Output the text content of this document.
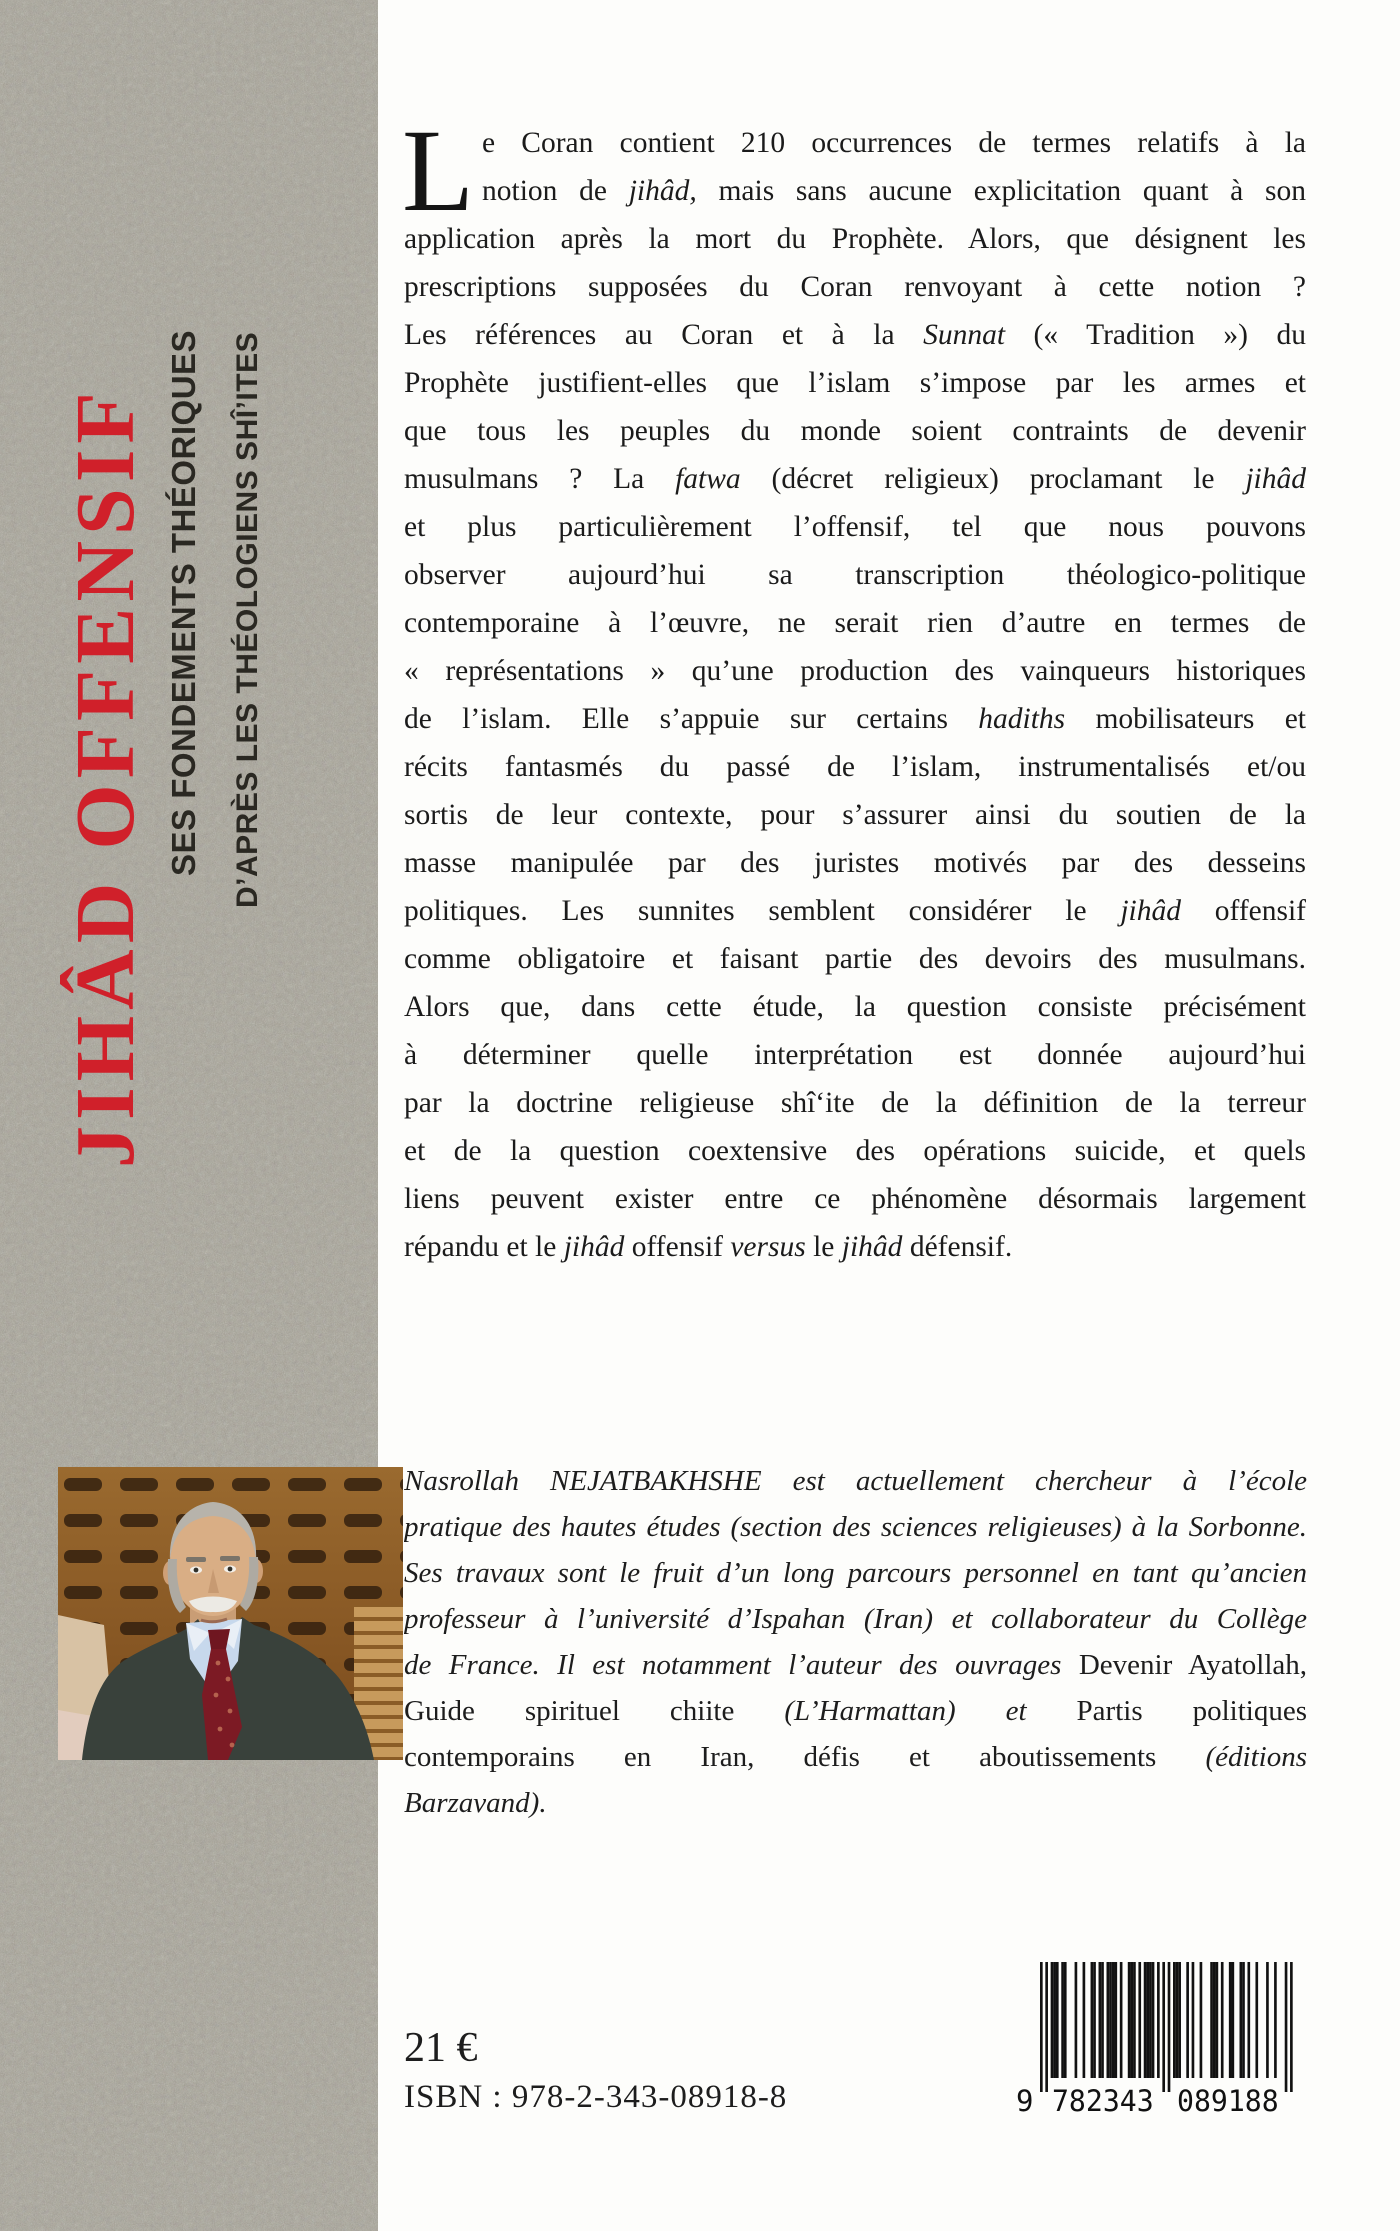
JIHÂD OFFENSIF SES FONDEMENTS THÉORIQUES D’APRÈS LES THÉOLOGIENS SHÎ’ITES
L e Coran contient 210 occurrences de termes relatifs à la
notion de jihâd, mais sans aucune explicitation quant à son
application après la mort du Prophète. Alors, que désignent les
prescriptions supposées du Coran renvoyant à cette notion ?
Les références au Coran et à la Sunnat (« Tradition ») du
Prophète justifient-elles que l’islam s’impose par les armes et
que tous les peuples du monde soient contraints de devenir
musulmans ? La fatwa (décret religieux) proclamant le jihâd
et plus particulièrement l’offensif, tel que nous pouvons
observer aujourd’hui sa transcription théologico-politique
contemporaine à l’œuvre, ne serait rien d’autre en termes de
« représentations » qu’une production des vainqueurs historiques
de l’islam. Elle s’appuie sur certains hadiths mobilisateurs et
récits fantasmés du passé de l’islam, instrumentalisés et/ou
sortis de leur contexte, pour s’assurer ainsi du soutien de la
masse manipulée par des juristes motivés par des desseins
politiques. Les sunnites semblent considérer le jihâd offensif
comme obligatoire et faisant partie des devoirs des musulmans.
Alors que, dans cette étude, la question consiste précisément
à déterminer quelle interprétation est donnée aujourd’hui
par la doctrine religieuse shî‘ite de la définition de la terreur
et de la question coextensive des opérations suicide, et quels
liens peuvent exister entre ce phénomène désormais largement
répandu et le jihâd offensif versus le jihâd défensif.
Nasrollah NEJATBAKHSHE est actuellement chercheur à l’école
pratique des hautes études (section des sciences religieuses) à la Sorbonne.
Ses travaux sont le fruit d’un long parcours personnel en tant qu’ancien
professeur à l’université d’Ispahan (Iran) et collaborateur du Collège
de France. Il est notamment l’auteur des ouvrages Devenir Ayatollah,
Guide spirituel chiite (L’Harmattan) et Partis politiques
contemporains en Iran, défis et aboutissements (éditions
Barzavand).
21 €
ISBN : 978-2-343-08918-8	9 782343 089188
